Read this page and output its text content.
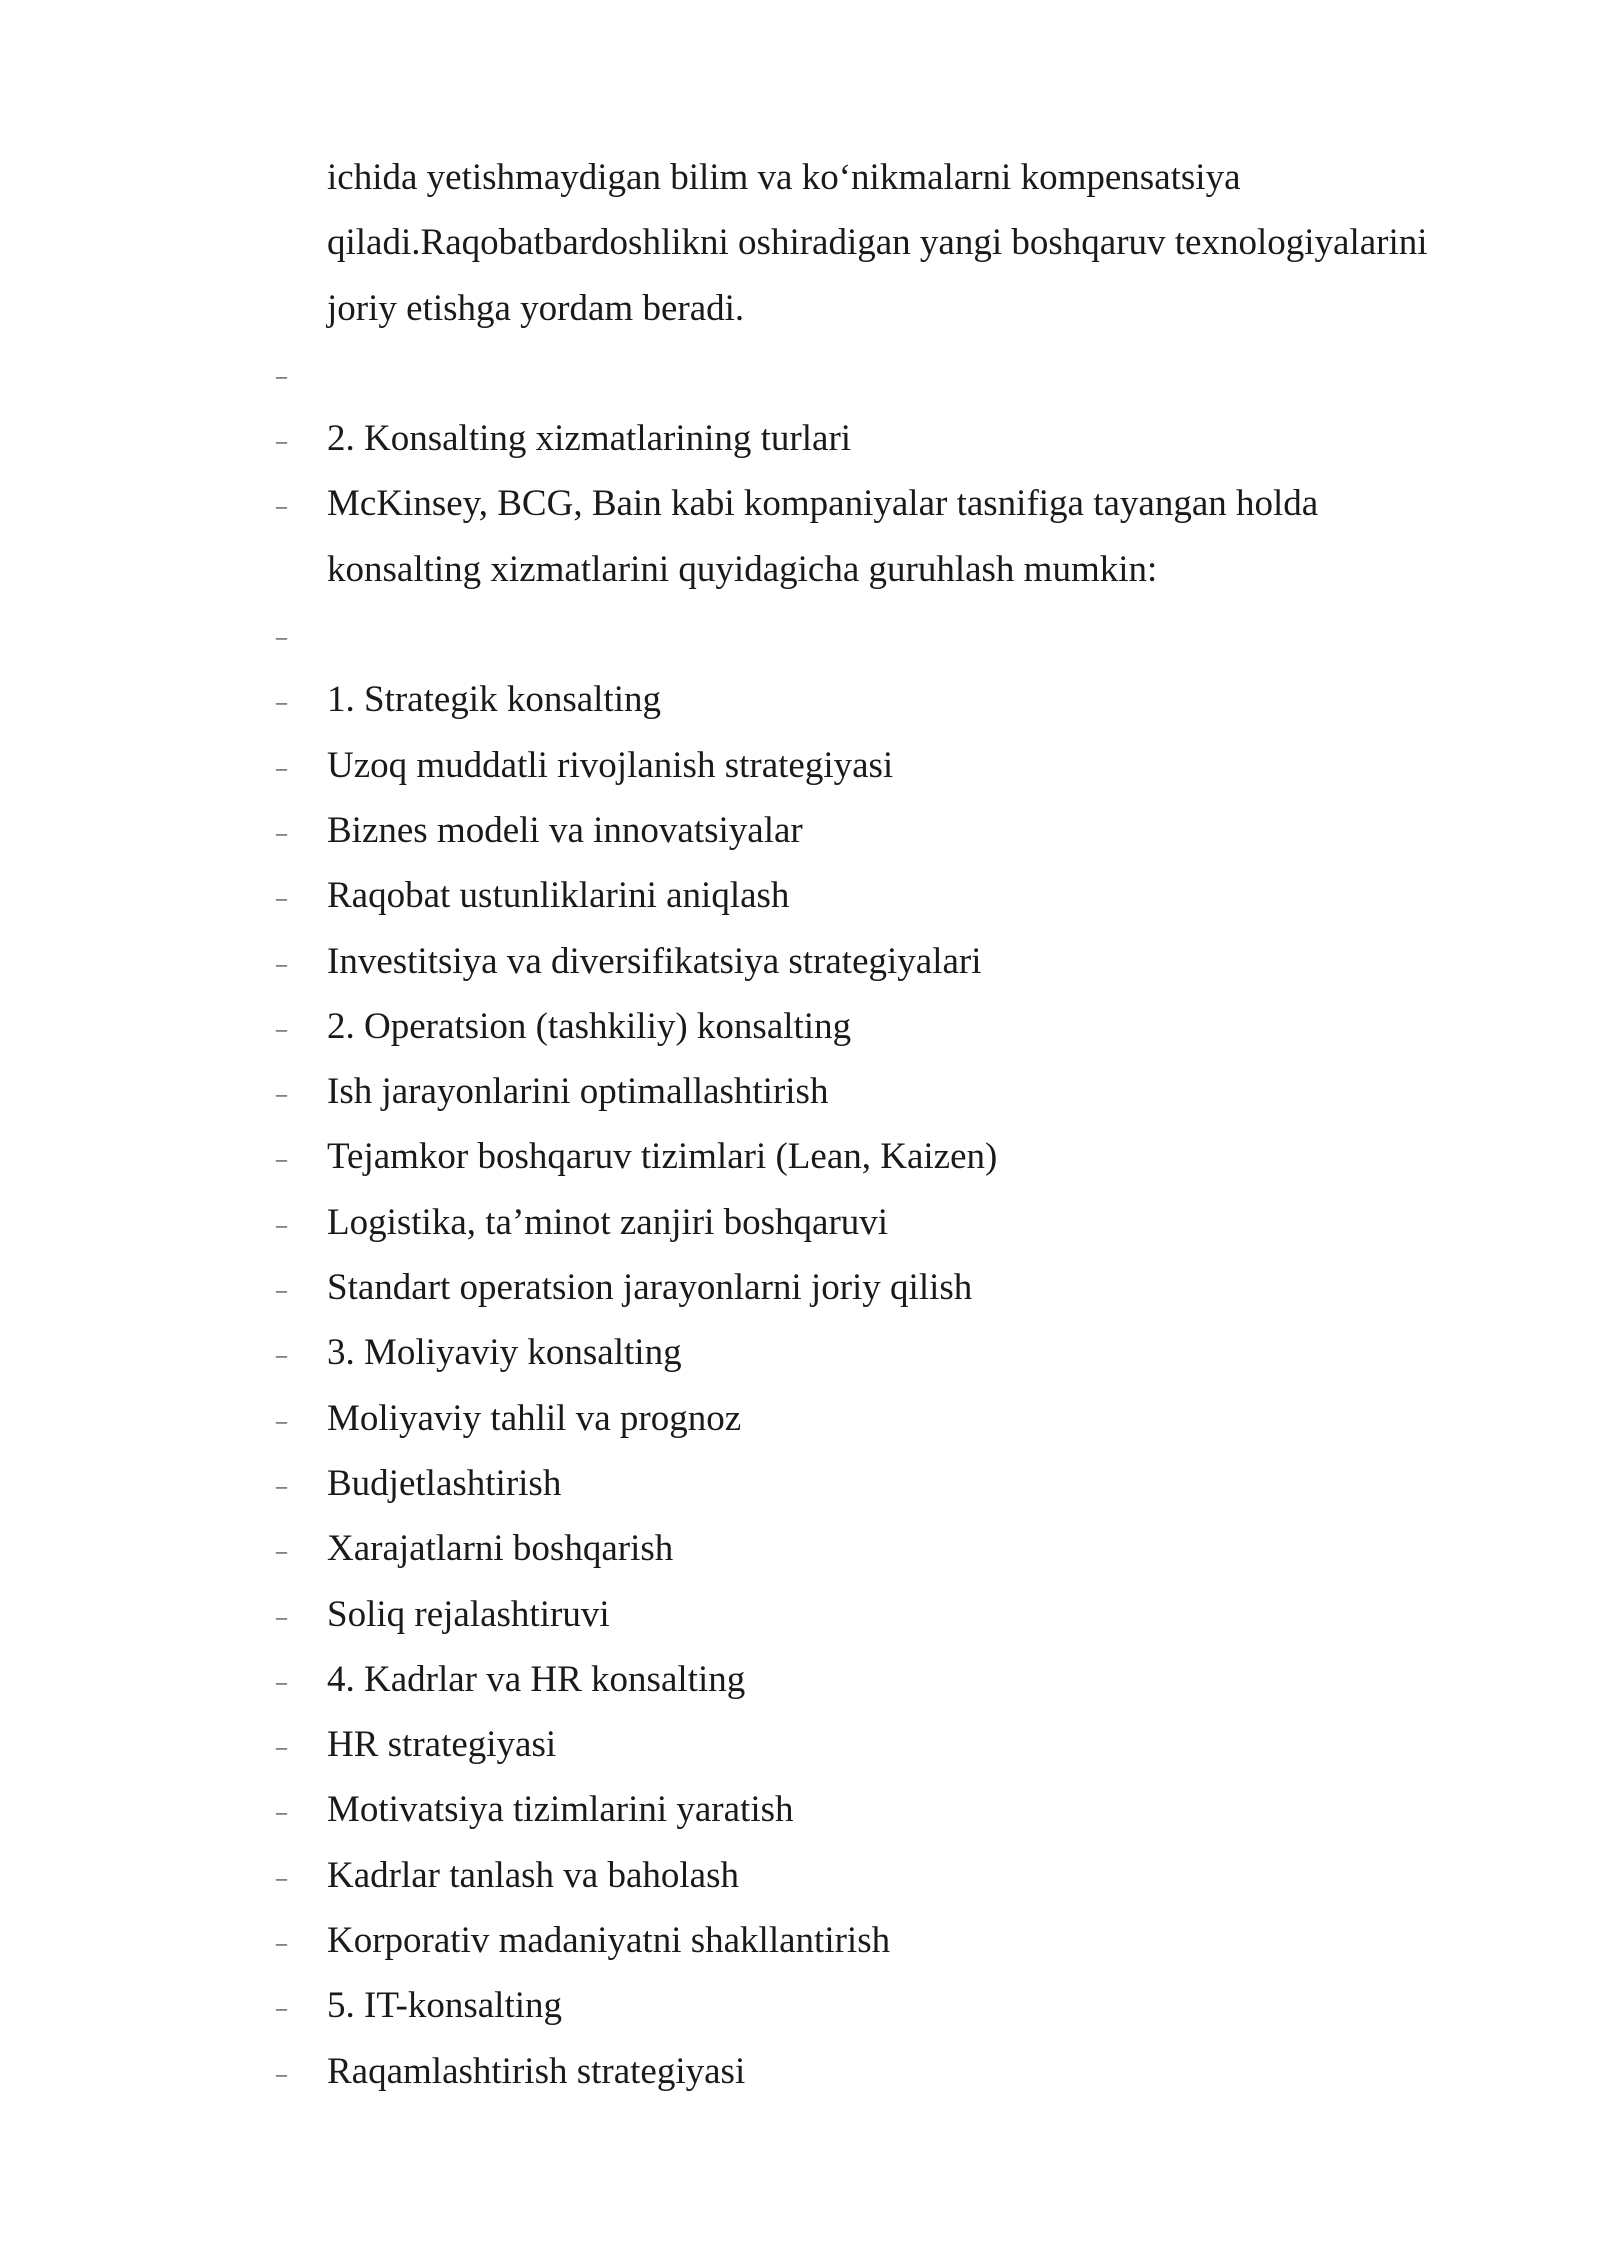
ichida yetishmaydigan bilim va ko‘nikmalarni kompensatsiya
qiladi.Raqobatbardoshlikni oshiradigan yangi boshqaruv texnologiyalarini
joriy etishga yordam beradi.
–
– 2. Konsalting xizmatlarining turlari
– McKinsey, BCG, Bain kabi kompaniyalar tasnifiga tayangan holda
konsalting xizmatlarini quyidagicha guruhlash mumkin:
–
– 1. Strategik konsalting
– Uzoq muddatli rivojlanish strategiyasi
– Biznes modeli va innovatsiyalar
– Raqobat ustunliklarini aniqlash
– Investitsiya va diversifikatsiya strategiyalari
– 2. Operatsion (tashkiliy) konsalting
– Ish jarayonlarini optimallashtirish
– Tejamkor boshqaruv tizimlari (Lean, Kaizen)
– Logistika, ta’minot zanjiri boshqaruvi
– Standart operatsion jarayonlarni joriy qilish
– 3. Moliyaviy konsalting
– Moliyaviy tahlil va prognoz
– Budjetlashtirish
– Xarajatlarni boshqarish
– Soliq rejalashtiruvi
– 4. Kadrlar va HR konsalting
– HR strategiyasi
– Motivatsiya tizimlarini yaratish
– Kadrlar tanlash va baholash
– Korporativ madaniyatni shakllantirish
– 5. IT-konsalting
– Raqamlashtirish strategiyasi
